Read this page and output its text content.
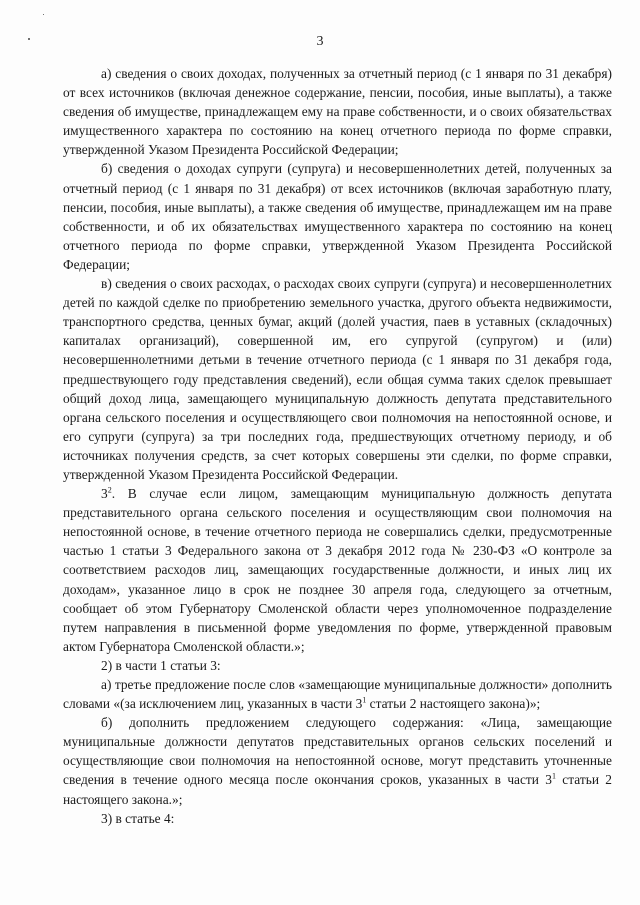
3

а) сведения о своих доходах, полученных за отчетный период (с 1 января по 31 декабря) от всех источников (включая денежное содержание, пенсии, пособия, иные выплаты), а также сведения об имуществе, принадлежащем ему на праве собственности, и о своих обязательствах имущественного характера по состоянию на конец отчетного периода по форме справки, утвержденной Указом Президента Российской Федерации;

б) сведения о доходах супруги (супруга) и несовершеннолетних детей, полученных за отчетный период (с 1 января по 31 декабря) от всех источников (включая заработную плату, пенсии, пособия, иные выплаты), а также сведения об имуществе, принадлежащем им на праве собственности, и об их обязательствах имущественного характера по состоянию на конец отчетного периода по форме справки, утвержденной Указом Президента Российской Федерации;

в) сведения о своих расходах, о расходах своих супруги (супруга) и несовершеннолетних детей по каждой сделке по приобретению земельного участка, другого объекта недвижимости, транспортного средства, ценных бумаг, акций (долей участия, паев в уставных (складочных) капиталах организаций), совершенной им, его супругой (супругом) и (или) несовершеннолетними детьми в течение отчетного периода (с 1 января по 31 декабря года, предшествующего году представления сведений), если общая сумма таких сделок превышает общий доход лица, замещающего муниципальную должность депутата представительного органа сельского поселения и осуществляющего свои полномочия на непостоянной основе, и его супруги (супруга) за три последних года, предшествующих отчетному периоду, и об источниках получения средств, за счет которых совершены эти сделки, по форме справки, утвержденной Указом Президента Российской Федерации.

$3^2$. В случае если лицом, замещающим муниципальную должность депутата представительного органа сельского поселения и осуществляющим свои полномочия на непостоянной основе, в течение отчетного периода не совершались сделки, предусмотренные частью 1 статьи 3 Федерального закона от 3 декабря 2012 года № 230-ФЗ «О контроле за соответствием расходов лиц, замещающих государственные должности, и иных лиц их доходам», указанное лицо в срок не позднее 30 апреля года, следующего за отчетным, сообщает об этом Губернатору Смоленской области через уполномоченное подразделение путем направления в письменной форме уведомления по форме, утвержденной правовым актом Губернатора Смоленской области.»;

2) в части 1 статьи 3:

а) третье предложение после слов «замещающие муниципальные должности» дополнить словами «(за исключением лиц, указанных в части $3^1$ статьи 2 настоящего закона)»;

б) дополнить предложением следующего содержания: «Лица, замещающие муниципальные должности депутатов представительных органов сельских поселений и осуществляющие свои полномочия на непостоянной основе, могут представить уточненные сведения в течение одного месяца после окончания сроков, указанных в части $3^1$ статьи 2 настоящего закона.»;

3) в статье 4:
